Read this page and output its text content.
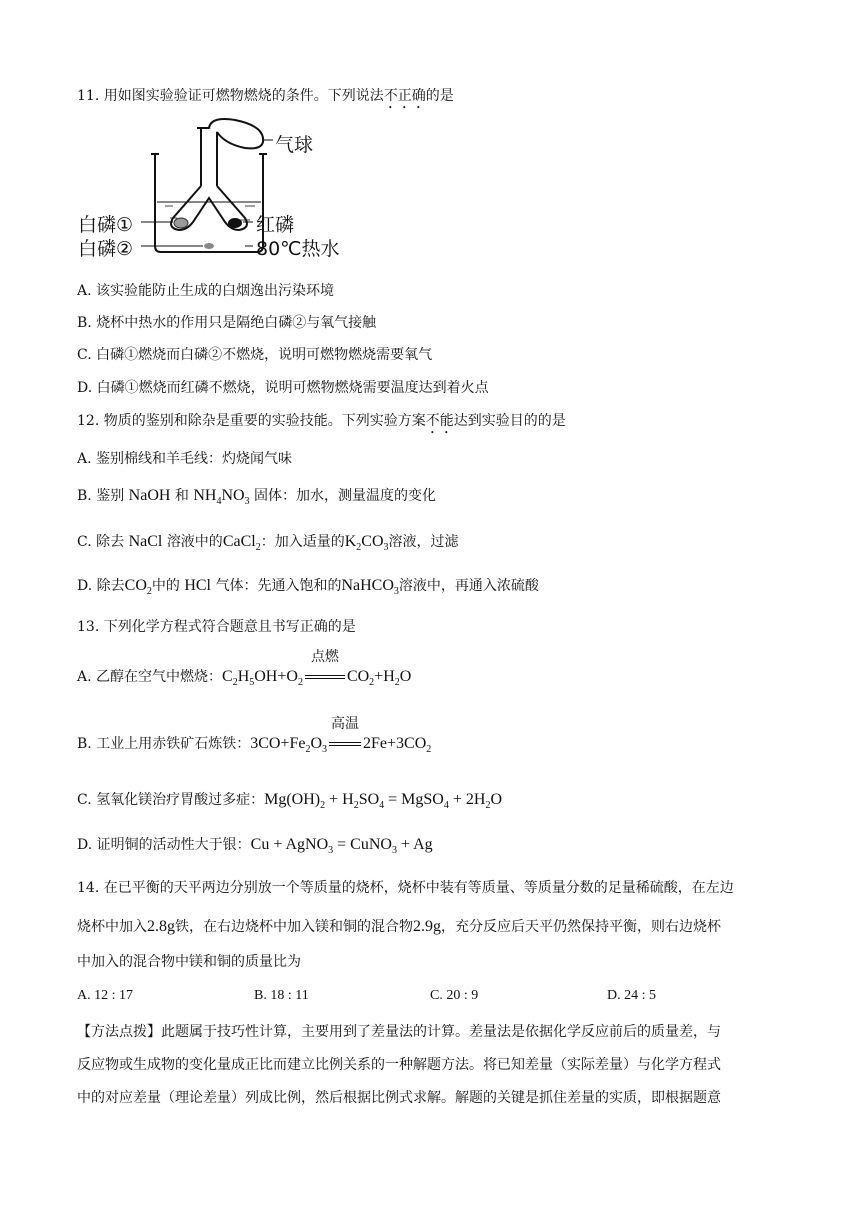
11. 用如图实验验证可燃物燃烧的条件。下列说法不正确的是
气球
白磷①
白磷②
红磷
80℃热水
A. 该实验能防止生成的白烟逸出污染环境
B. 烧杯中热水的作用只是隔绝白磷②与氧气接触
C. 白磷①燃烧而白磷②不燃烧，说明可燃物燃烧需要氧气
D. 白磷①燃烧而红磷不燃烧，说明可燃物燃烧需要温度达到着火点
12. 物质的鉴别和除杂是重要的实验技能。下列实验方案不能达到实验目的的是
A. 鉴别棉线和羊毛线：灼烧闻气味
B. 鉴别 NaOH 和 $NH_4NO_3$ 固体：加水，测量温度的变化
C. 除去 NaCl 溶液中的CaCl$_2$：加入适量的$K_2CO_3$溶液，过滤
D. 除去$CO_2$中的 HCl 气体：先通入饱和的NaHCO$_3$溶液中，再通入浓硫酸
13. 下列化学方程式符合题意且书写正确的是
A. 乙醇在空气中燃烧：$C_2H_5OH+O_2$
点燃
$CO_2+H_2O$
B. 工业上用赤铁矿石炼铁：$3CO+Fe_2O_3$
高温
$2Fe+3CO_2$
C. 氢氧化镁治疗胃酸过多症：$Mg(OH)_2 + H_2SO_4$ = MgSO$_4$ + $2H_2O$
D. 证明铜的活动性大于银：Cu + AgNO$_3$ = CuNO$_3$ + Ag
14. 在已平衡的天平两边分别放一个等质量的烧杯，烧杯中装有等质量、等质量分数的足量稀硫酸，在左边
烧杯中加入2.8g铁，在右边烧杯中加入镁和铜的混合物2.9g，充分反应后天平仍然保持平衡，则右边烧杯
中加入的混合物中镁和铜的质量比为
A. 12 : 17	B. 18 : 11	C. 20 : 9	D. 24 : 5
【方法点拨】此题属于技巧性计算，主要用到了差量法的计算。差量法是依据化学反应前后的质量差，与
反应物或生成物的变化量成正比而建立比例关系的一种解题方法。将已知差量（实际差量）与化学方程式
中的对应差量（理论差量）列成比例，然后根据比例式求解。解题的关键是抓住差量的实质，即根据题意
